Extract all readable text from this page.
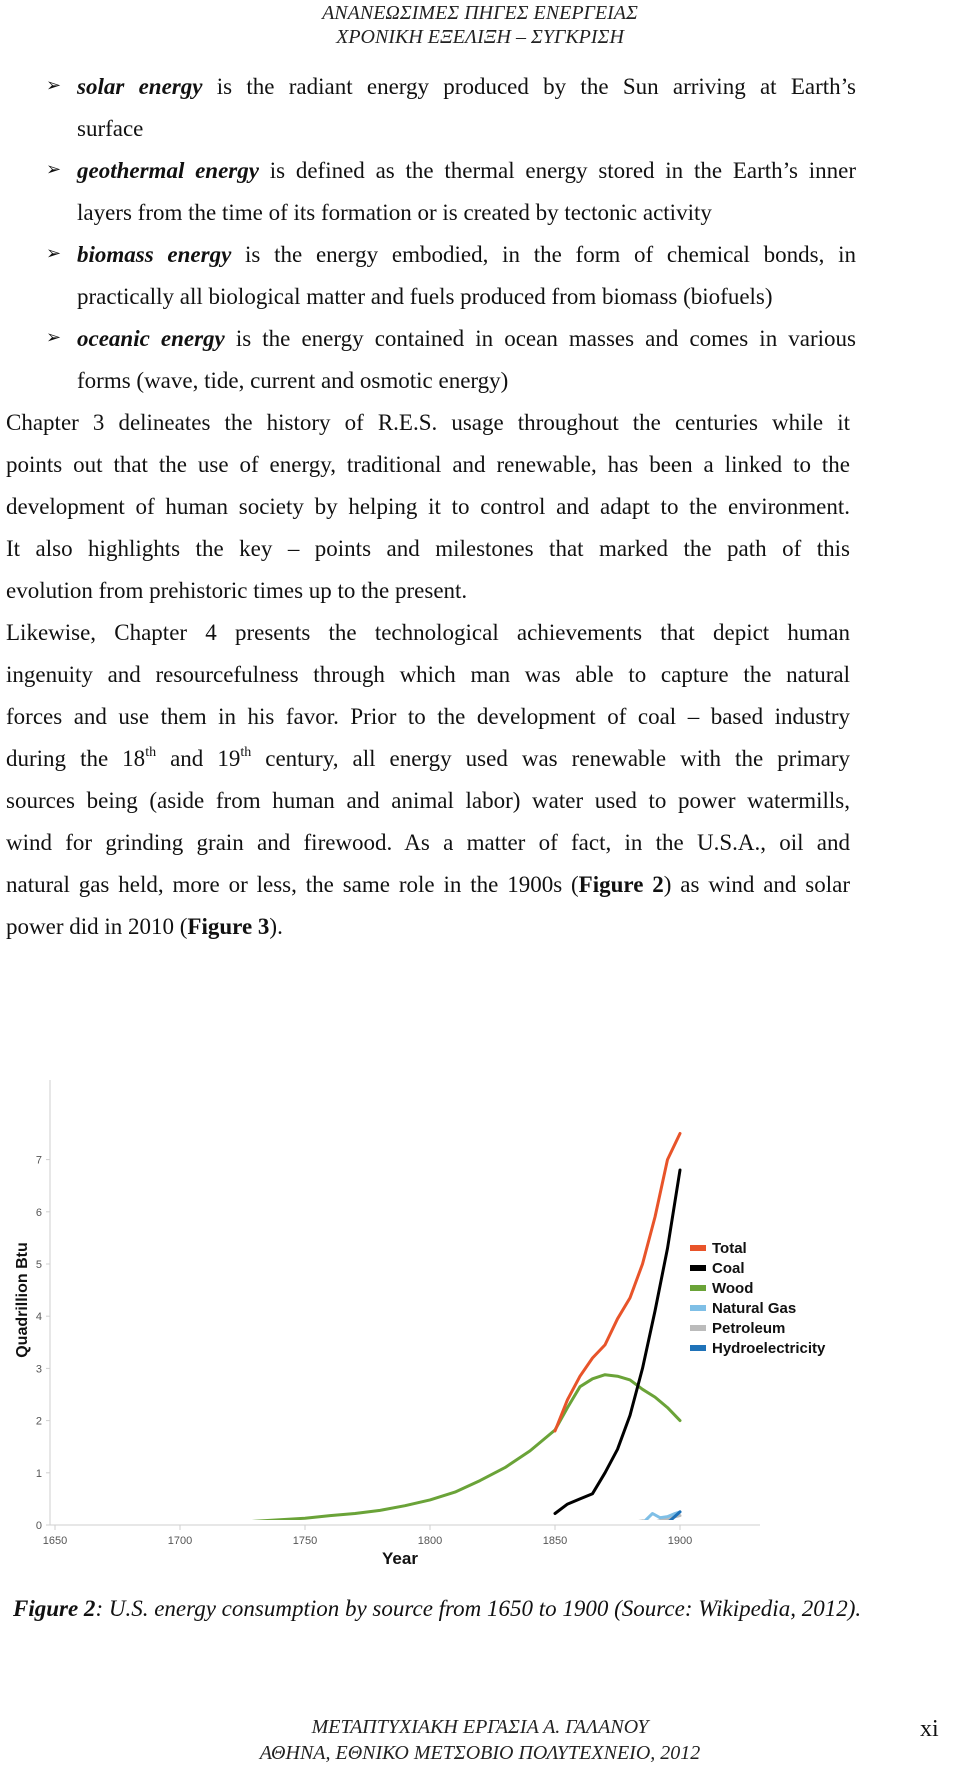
ΑΝΑΝΕΩΣΙΜΕΣ ΠΗΓΕΣ ΕΝΕΡΓΕΙΑΣ
ΧΡΟΝΙΚΗ ΕΞΕΛΙΞΗ – ΣΥΓΚΡΙΣΗ
➢ solar energy is the radiant energy produced by the Sun arriving at Earth’s
surface
➢ geothermal energy is defined as the thermal energy stored in the Earth’s inner
layers from the time of its formation or is created by tectonic activity
➢ biomass energy is the energy embodied, in the form of chemical bonds, in
practically all biological matter and fuels produced from biomass (biofuels)
➢ oceanic energy is the energy contained in ocean masses and comes in various
forms (wave, tide, current and osmotic energy)
Chapter 3 delineates the history of R.E.S. usage throughout the centuries while it
points out that the use of energy, traditional and renewable, has been a linked to the
development of human society by helping it to control and adapt to the environment.
It also highlights the key – points and milestones that marked the path of this
evolution from prehistoric times up to the present.
Likewise, Chapter 4 presents the technological achievements that depict human
ingenuity and resourcefulness through which man was able to capture the natural
forces and use them in his favor. Prior to the development of coal – based industry
during the 18th and 19th century, all energy used was renewable with the primary
sources being (aside from human and animal labor) water used to power watermills,
wind for grinding grain and firewood. As a matter of fact, in the U.S.A., oil and
natural gas held, more or less, the same role in the 1900s (Figure 2) as wind and solar
power did in 2010 (Figure 3).
Quadrillion Btu
Year
0
1
2
3
4
5
6
7
1650	1700	1750	1800	1850	1900
Total
Coal
Wood
Natural Gas
Petroleum
Hydroelectricity
Figure 2: U.S. energy consumption by source from 1650 to 1900 (Source: Wikipedia, 2012).
ΜΕΤΑΠΤΥΧΙΑΚΗ ΕΡΓΑΣΙΑ Α. ΓΑΛΑΝΟΥ
ΑΘΗΝΑ, ΕΘΝΙΚΟ ΜΕΤΣΟΒΙΟ ΠΟΛΥΤΕΧΝΕΙΟ, 2012
xi
